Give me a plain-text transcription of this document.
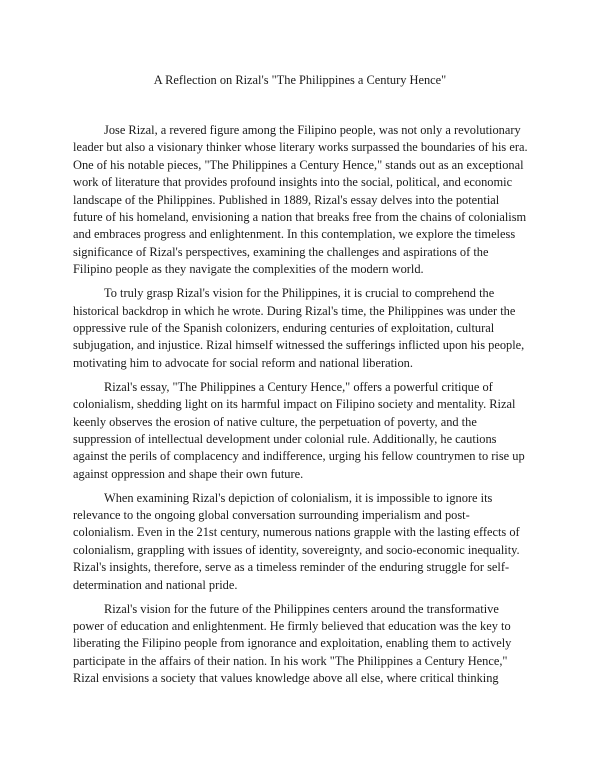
A Reflection on Rizal's "The Philippines a Century Hence"

Jose Rizal, a revered figure among the Filipino people, was not only a revolutionary leader but also a visionary thinker whose literary works surpassed the boundaries of his era. One of his notable pieces, "The Philippines a Century Hence," stands out as an exceptional work of literature that provides profound insights into the social, political, and economic landscape of the Philippines. Published in 1889, Rizal's essay delves into the potential future of his homeland, envisioning a nation that breaks free from the chains of colonialism and embraces progress and enlightenment. In this contemplation, we explore the timeless significance of Rizal's perspectives, examining the challenges and aspirations of the Filipino people as they navigate the complexities of the modern world.

To truly grasp Rizal's vision for the Philippines, it is crucial to comprehend the historical backdrop in which he wrote. During Rizal's time, the Philippines was under the oppressive rule of the Spanish colonizers, enduring centuries of exploitation, cultural subjugation, and injustice. Rizal himself witnessed the sufferings inflicted upon his people, motivating him to advocate for social reform and national liberation.

Rizal's essay, "The Philippines a Century Hence," offers a powerful critique of colonialism, shedding light on its harmful impact on Filipino society and mentality. Rizal keenly observes the erosion of native culture, the perpetuation of poverty, and the suppression of intellectual development under colonial rule. Additionally, he cautions against the perils of complacency and indifference, urging his fellow countrymen to rise up against oppression and shape their own future.

When examining Rizal's depiction of colonialism, it is impossible to ignore its relevance to the ongoing global conversation surrounding imperialism and post-colonialism. Even in the 21st century, numerous nations grapple with the lasting effects of colonialism, grappling with issues of identity, sovereignty, and socio-economic inequality. Rizal's insights, therefore, serve as a timeless reminder of the enduring struggle for self-determination and national pride.

Rizal's vision for the future of the Philippines centers around the transformative power of education and enlightenment. He firmly believed that education was the key to liberating the Filipino people from ignorance and exploitation, enabling them to actively participate in the affairs of their nation. In his work "The Philippines a Century Hence," Rizal envisions a society that values knowledge above all else, where critical thinking
